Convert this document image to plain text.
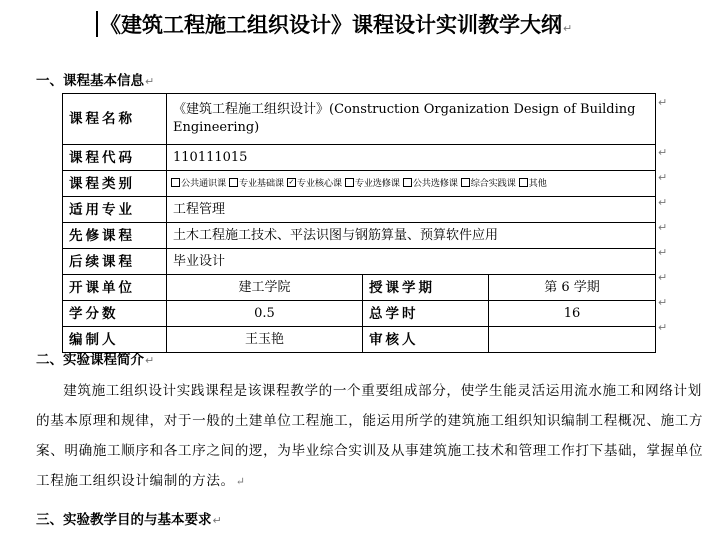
《建筑工程施工组织设计》课程设计实训教学大纲↵
一、课程基本信息↵
课程名称	《建筑工程施工组织设计》(Construction Organization Design of Building Engineering)		
课程代码	110111015		
课程类别	公共通识课 专业基础课 ✓ 专业核心课 专业选修课 公共选修课 综合实践课 其他		
适用专业	工程管理		
先修课程	土木工程施工技术、平法识图与钢筋算量、预算软件应用		
后续课程	毕业设计		
开课单位	建工学院	授课学期	第 6 学期
学分数	0.5	总学时	16
编制人	王玉艳	审核人	
↵
↵
↵
↵
↵
↵
↵
↵
↵
二、实验课程简介↵
建筑施工组织设计实践课程是该课程教学的一个重要组成部分，使学生能灵活运用流水施工和网络计划的基本原理和规律，对于一般的土建单位工程施工，能运用所学的建筑施工组织知识编制工程概况、施工方案、明确施工顺序和各工序之间的逻，为毕业综合实训及从事建筑施工技术和管理工作打下基础，掌握单位工程施工组织设计编制的方法。↵
三、实验教学目的与基本要求↵
